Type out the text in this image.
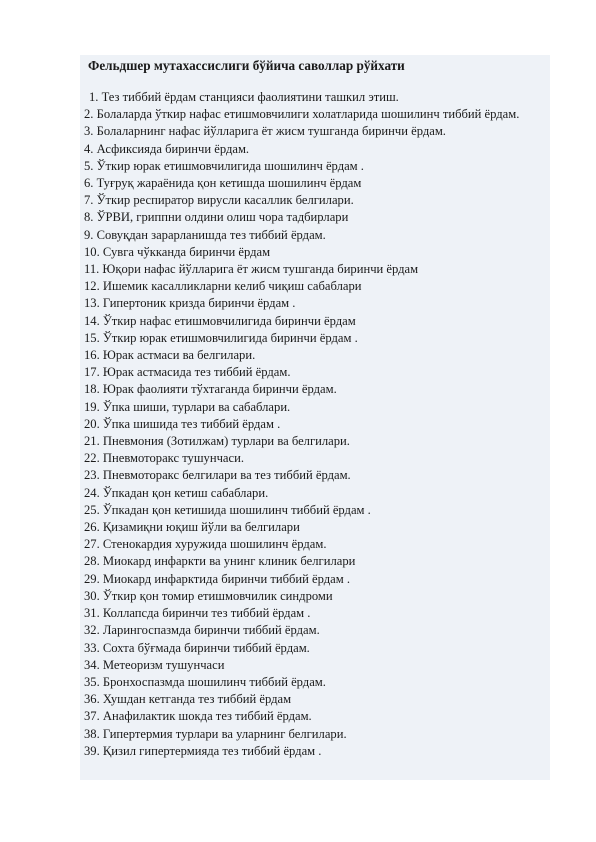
Фельдшер мутахассислиги бўйича саволлар рўйхати
1. Тез тиббий ёрдам станцияси фаолиятини ташкил этиш.
2. Болаларда ўткир нафас етишмовчилиги холатларида шошилинч тиббий ёрдам.
3. Болаларнинг нафас йўлларига ёт жисм тушганда биринчи ёрдам.
4. Асфиксияда биринчи ёрдам.
5. Ўткир юрак етишмовчилигида шошилинч ёрдам .
6. Туғруқ жараёнида қон кетишда шошилинч ёрдам
7. Ўткир респиратор вирусли касаллик белгилари.
8. ЎРВИ, гриппни олдини олиш чора тадбирлари
9. Совуқдан зарарланишда тез тиббий ёрдам.
10. Сувга чўкканда биринчи ёрдам
11. Юқори нафас йўлларига ёт жисм тушганда биринчи ёрдам
12. Ишемик касалликларни келиб чиқиш сабаблари
13. Гипертоник кризда биринчи ёрдам .
14. Ўткир нафас етишмовчилигида биринчи ёрдам
15. Ўткир юрак етишмовчилигида биринчи ёрдам .
16. Юрак астмаси ва белгилари.
17. Юрак астмасида тез тиббий ёрдам.
18. Юрак фаолияти тўхтаганда биринчи ёрдам.
19. Ўпка шиши, турлари ва сабаблари.
20. Ўпка шишида тез тиббий ёрдам .
21. Пневмония (Зотилжам) турлари ва белгилари.
22. Пневмоторакс тушунчаси.
23. Пневмоторакс белгилари ва тез тиббий ёрдам.
24. Ўпкадан қон кетиш сабаблари.
25. Ўпкадан қон кетишида шошилинч тиббий ёрдам .
26. Қизамиқни юқиш йўли ва белгилари
27. Стенокардия хуружида шошилинч ёрдам.
28. Миокард инфаркти ва унинг клиник белгилари
29. Миокард инфарктида биринчи тиббий ёрдам .
30. Ўткир қон томир етишмовчилик синдроми
31. Коллапсда биринчи тез тиббий ёрдам .
32. Ларингоспазмда биринчи тиббий ёрдам.
33. Сохта бўғмада биринчи тиббий ёрдам.
34. Метеоризм тушунчаси
35. Бронхоспазмда шошилинч тиббий ёрдам.
36. Хушдан кетганда тез тиббий ёрдам
37. Анафилактик шокда тез тиббий ёрдам.
38. Гипертермия турлари ва уларнинг белгилари.
39. Қизил гипертермияда тез тиббий ёрдам .
